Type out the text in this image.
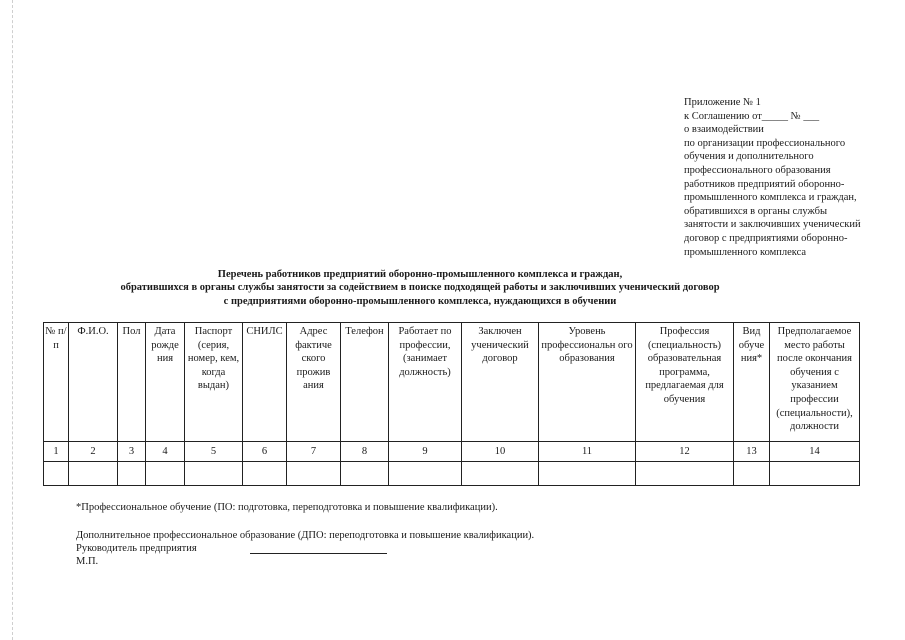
Приложение № 1
к Соглашению от_____ № ___
о взаимодействии
по организации профессионального
обучения и дополнительного
профессионального образования
работников предприятий оборонно-
промышленного комплекса и граждан,
обратившихся в органы службы
занятости и заключивших ученический
договор с предприятиями оборонно-
промышленного комплекса
Перечень работников предприятий оборонно-промышленного комплекса и граждан,
обратившихся в органы службы занятости за содействием в поиске подходящей работы и заключивших ученический договор
с предприятиями оборонно-промышленного комплекса, нуждающихся в обучении
№ п/п	Ф.И.О.	Пол	Дата рожде ния	Паспорт (серия, номер, кем, когда выдан)	СНИЛС	Адрес фактиче ского прожив ания	Телефон	Работает по профессии, (занимает должность)	Заключен ученический договор	Уровень профессиональн ого образования	Профессия (специальность) образовательная программа, предлагаемая для обучения	Вид обуче ния*	Предполагаемое место работы после окончания обучения с указанием профессии (специальности), должности
1	2	3	4	5	6	7	8	9	10	11	12	13	14

*Профессиональное обучение (ПО: подготовка, переподготовка и повышение квалификации).
Дополнительное профессиональное образование (ДПО: переподготовка и повышение квалификации).
Руководитель предприятия
М.П.
